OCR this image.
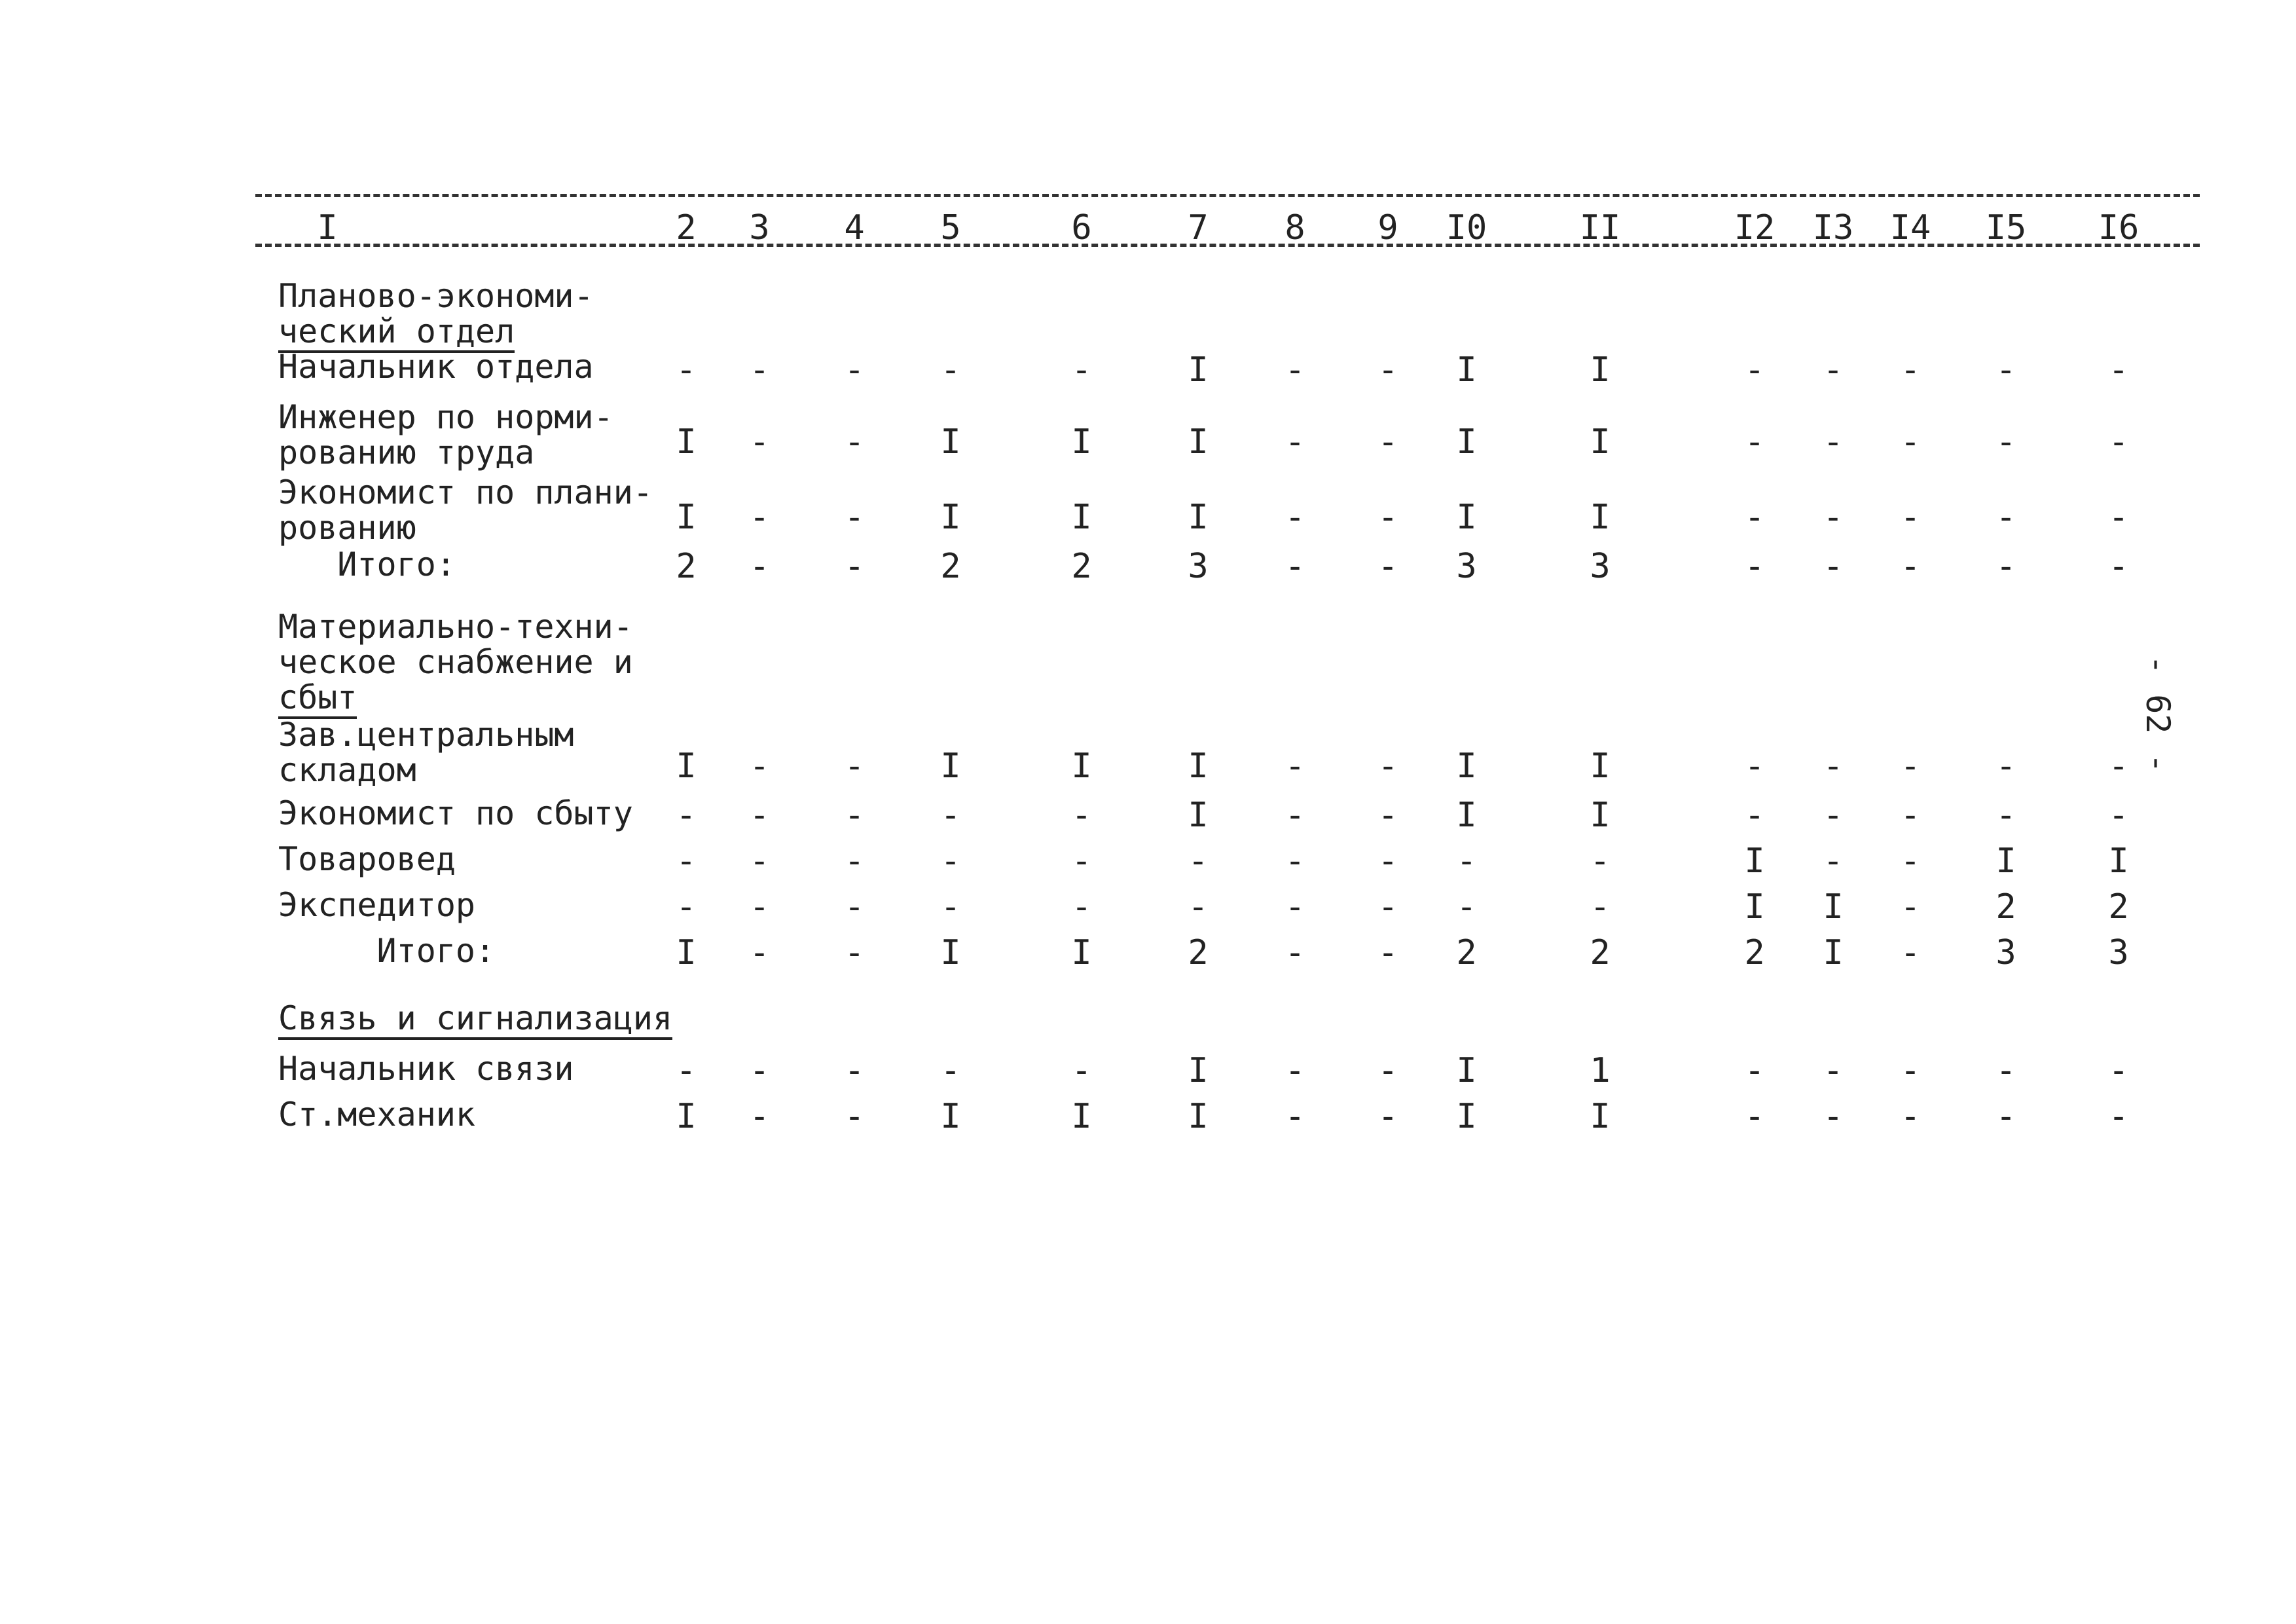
I	2 3 4 5	6	7 8 9 I0	II	I2 I3 I4 I5 I6
Планово-экономи-
ческий отдел
Начальник отдела - - - -	-	I - - I	I	- - - -	-
Инженер по норми-
рованию труда	I - - I	I	I - - I	I	- - - -	-
Экономист по плани-
рованию	I - - I	I	I - - I	I	- - - -	-
Итого:	2 - - 2	2	3 - - 3	3	- - - -	-
Материально-техни-
ческое снабжение и
сбыт
Зав.центральным
складом	I - - I	I	I - - I	I	- - - -	-
Экономист по сбыту - - - -	-	I - - I	I	- - - -	-
Товаровед	- - - -	-	- - - -	-	I - - I	I
Экспедитор	- - - -	-	- - - -	-	I I - 2	2
Итого:	I - - I	I	2 - - 2	2	2 I - 3	3
Связь и сигнализация
Начальник связи	- - - -	-	I - - I	1	- - - -	-
Ст.механик	I - - I	I	I - - I	I	- - - -	-
- 62 -
